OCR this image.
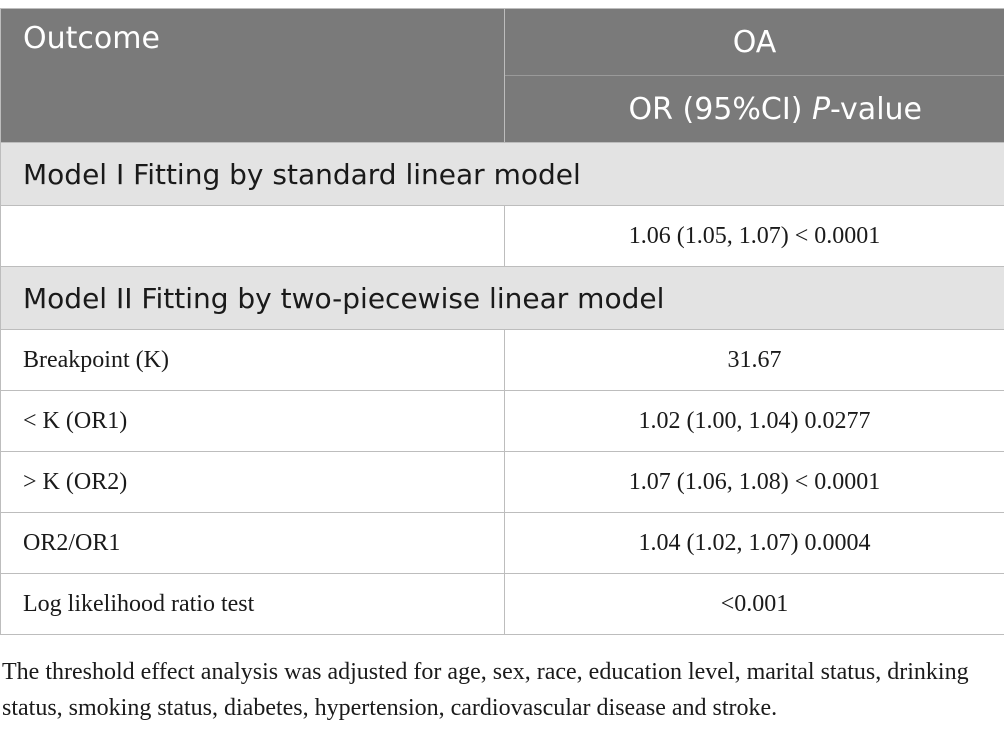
Outcome	OA
	OR (95%CI) P-value
Model I Fitting by standard linear model	
	1.06 (1.05, 1.07) < 0.0001
Model II Fitting by two-piecewise linear model	
Breakpoint (K)	31.67
< K (OR1)	1.02 (1.00, 1.04) 0.0277
> K (OR2)	1.07 (1.06, 1.08) < 0.0001
OR2/OR1	1.04 (1.02, 1.07) 0.0004
Log likelihood ratio test	<0.001
The threshold effect analysis was adjusted for age, sex, race, education level, marital status, drinking status, smoking status, diabetes, hypertension, cardiovascular disease and stroke.
